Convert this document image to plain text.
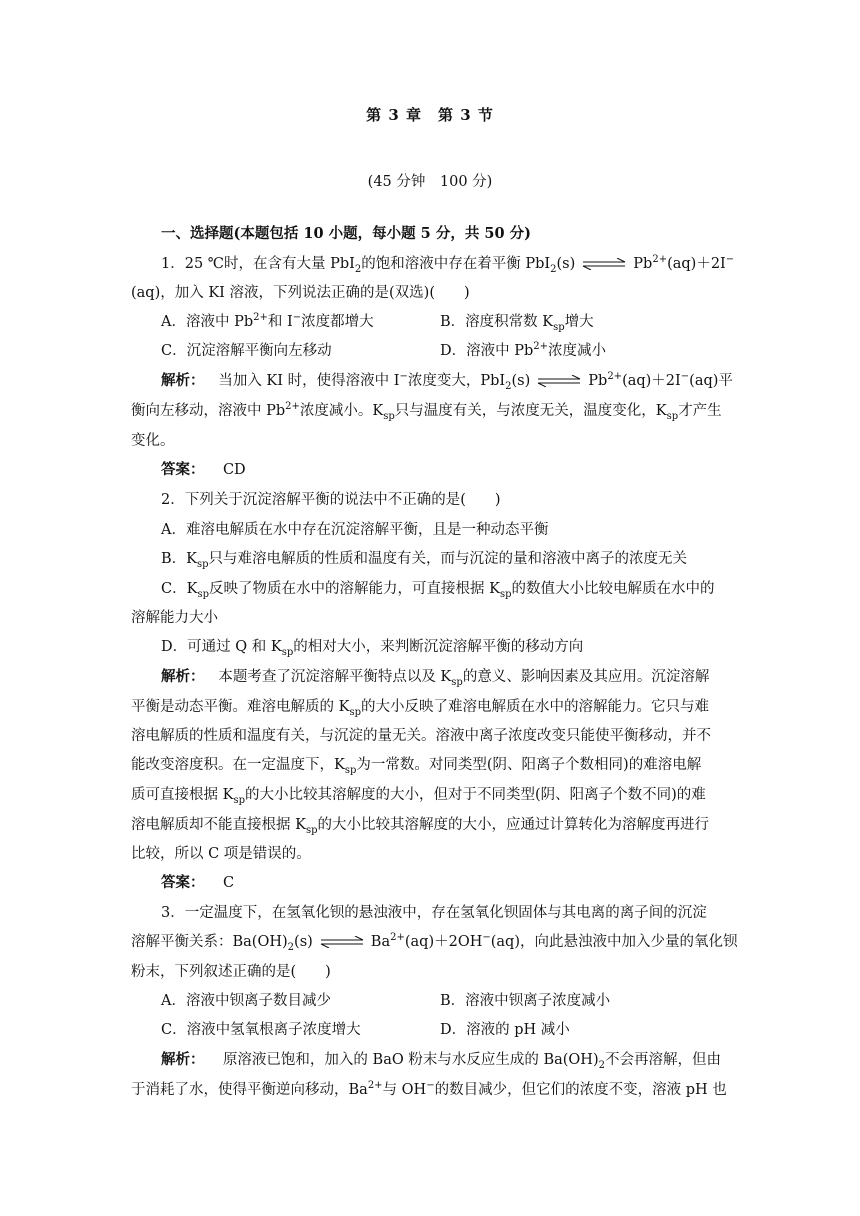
第 3 章　第 3 节
(45 分钟　100 分)
一、选择题(本题包括 10 小题，每小题 5 分，共 50 分)
1．25 ℃时，在含有大量 PbI$_2$的饱和溶液中存在着平衡 PbI$_2$(s) ⇌ $Pb^{2+}(aq)+2I^-$
(aq)，加入 KI 溶液，下列说法正确的是(双选)(　　)
A．溶液中 $Pb^{2+}$和 I−浓度都增大	B．溶度积常数 $K_{sp}$增大
C．沉淀溶解平衡向左移动	D．溶液中 $Pb^{2+}$浓度减小
解析： 当加入 KI 时，使得溶液中 I−浓度变大，PbI$_2$(s) ⇌ $Pb^{2+}(aq)+2I^-(aq)$平
衡向左移动，溶液中 $Pb^{2+}$浓度减小。$K_{sp}$只与温度有关，与浓度无关，温度变化，$K_{sp}$才产生
变化。
答案： CD
2．下列关于沉淀溶解平衡的说法中不正确的是(　　)
A．难溶电解质在水中存在沉淀溶解平衡，且是一种动态平衡
B．$K_{sp}$只与难溶电解质的性质和温度有关，而与沉淀的量和溶液中离子的浓度无关
C．$K_{sp}$反映了物质在水中的溶解能力，可直接根据 $K_{sp}$的数值大小比较电解质在水中的
溶解能力大小
D．可通过 Q 和 $K_{sp}$的相对大小，来判断沉淀溶解平衡的移动方向
解析： 本题考查了沉淀溶解平衡特点以及 $K_{sp}$的意义、影响因素及其应用。沉淀溶解
平衡是动态平衡。难溶电解质的 $K_{sp}$的大小反映了难溶电解质在水中的溶解能力。它只与难
溶电解质的性质和温度有关，与沉淀的量无关。溶液中离子浓度改变只能使平衡移动，并不
能改变溶度积。在一定温度下，$K_{sp}$为一常数。对同类型(阴、阳离子个数相同)的难溶电解
质可直接根据 $K_{sp}$的大小比较其溶解度的大小，但对于不同类型(阴、阳离子个数不同)的难
溶电解质却不能直接根据 $K_{sp}$的大小比较其溶解度的大小，应通过计算转化为溶解度再进行
比较，所以 C 项是错误的。
答案： C
3．一定温度下，在氢氧化钡的悬浊液中，存在氢氧化钡固体与其电离的离子间的沉淀
溶解平衡关系：$Ba(OH)_2(s)$ ⇌ $Ba^{2+}(aq)+2OH^-(aq)$，向此悬浊液中加入少量的氧化钡
粉末，下列叙述正确的是(　　)
A．溶液中钡离子数目减少	B．溶液中钡离子浓度减小
C．溶液中氢氧根离子浓度增大	D．溶液的 pH 减小
解析： 原溶液已饱和，加入的 BaO 粉末与水反应生成的 $Ba(OH)_2$不会再溶解，但由
于消耗了水，使得平衡逆向移动，$Ba^{2+}$与 OH−的数目减少，但它们的浓度不变，溶液 pH 也
